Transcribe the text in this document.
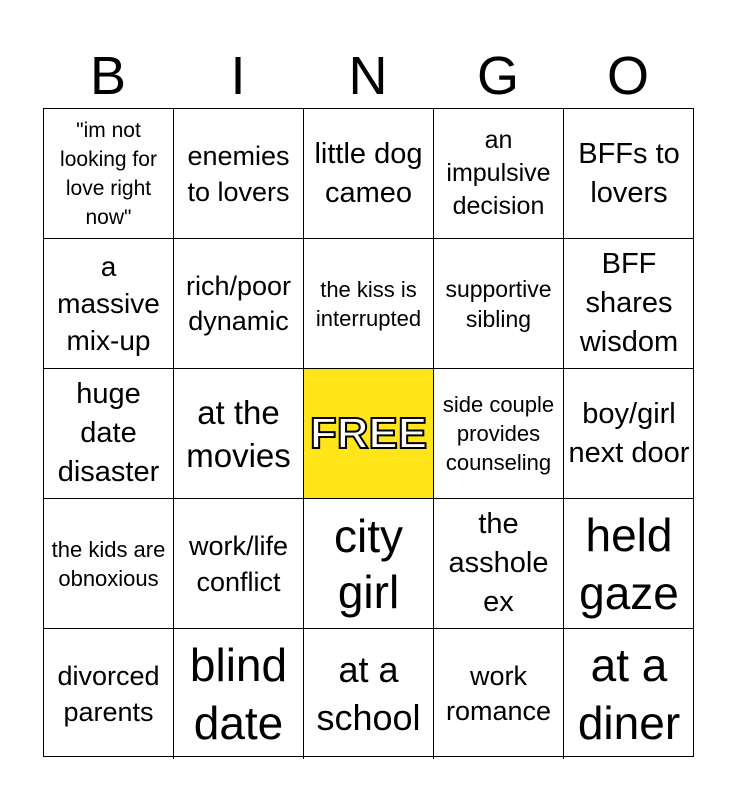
B	I	N	G	O
"im not looking for love right now"
enemies to lovers
little dog cameo
an impulsive decision
BFFs to lovers
a massive mix-up
rich/poor dynamic
the kiss is interrupted
supportive sibling
BFF shares wisdom
huge date disaster
at the movies FREE
side couple provides counseling
boy/girl next door
the kids are obnoxious
work/life conflict
city girl
the asshole ex
held gaze
divorced parents
blind date
at a school
work romance
at a diner
